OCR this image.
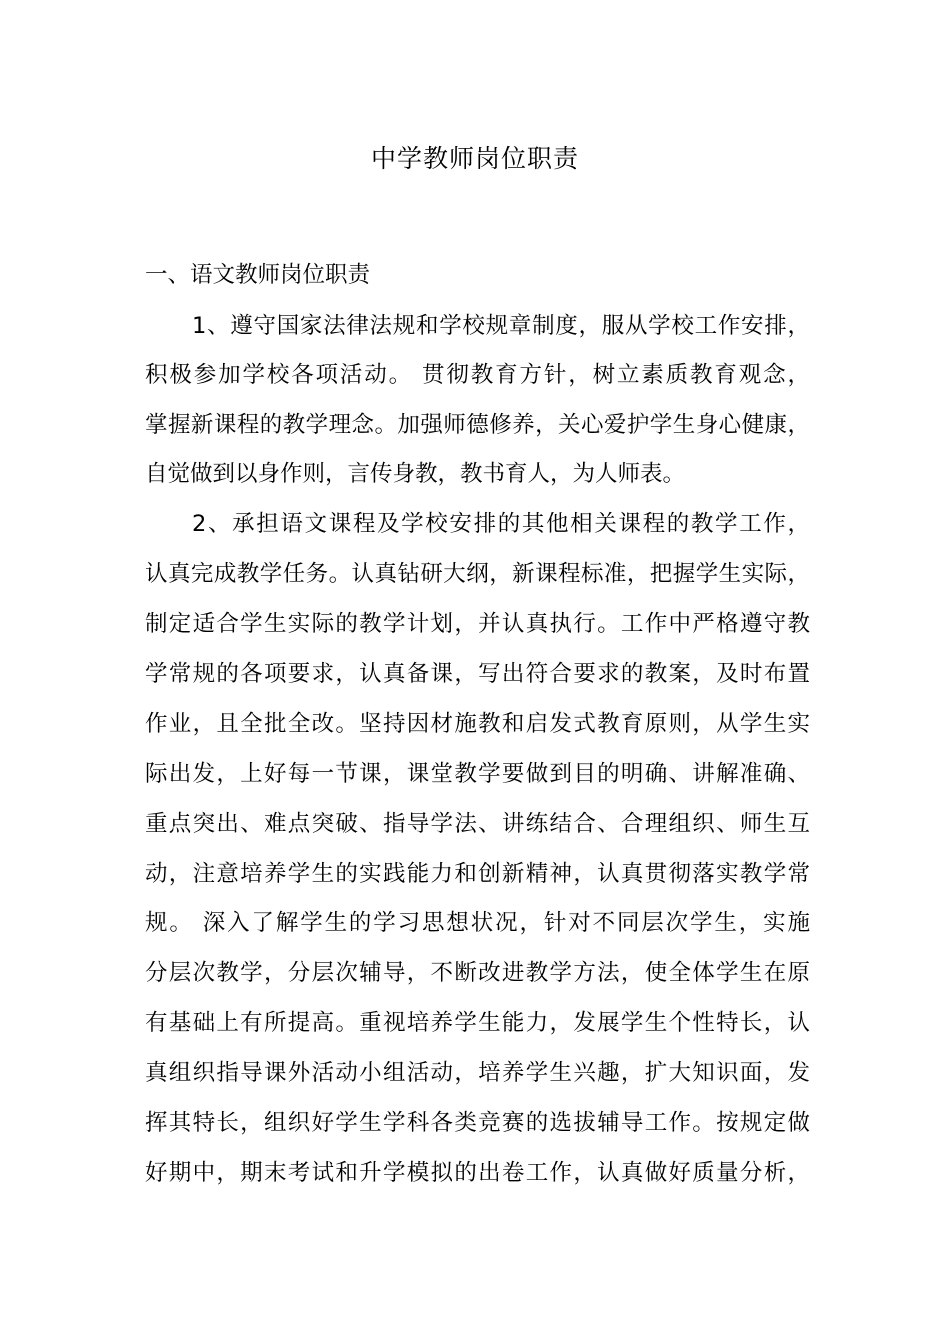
中学教师岗位职责
一、语文教师岗位职责
1、遵守国家法律法规和学校规章制度，服从学校工作安排，
积极参加学校各项活动。 贯彻教育方针，树立素质教育观念，
掌握新课程的教学理念。加强师德修养，关心爱护学生身心健康，
自觉做到以身作则，言传身教，教书育人，为人师表。
2、承担语文课程及学校安排的其他相关课程的教学工作，
认真完成教学任务。认真钻研大纲，新课程标准，把握学生实际，
制定适合学生实际的教学计划，并认真执行。工作中严格遵守教
学常规的各项要求，认真备课，写出符合要求的教案，及时布置
作业，且全批全改。坚持因材施教和启发式教育原则，从学生实
际出发，上好每一节课，课堂教学要做到目的明确、讲解准确、
重点突出、难点突破、指导学法、讲练结合、合理组织、师生互
动，注意培养学生的实践能力和创新精神，认真贯彻落实教学常
规。 深入了解学生的学习思想状况，针对不同层次学生，实施
分层次教学，分层次辅导，不断改进教学方法，使全体学生在原
有基础上有所提高。重视培养学生能力，发展学生个性特长，认
真组织指导课外活动小组活动，培养学生兴趣，扩大知识面，发
挥其特长，组织好学生学科各类竞赛的选拔辅导工作。按规定做
好期中，期末考试和升学模拟的出卷工作，认真做好质量分析，
